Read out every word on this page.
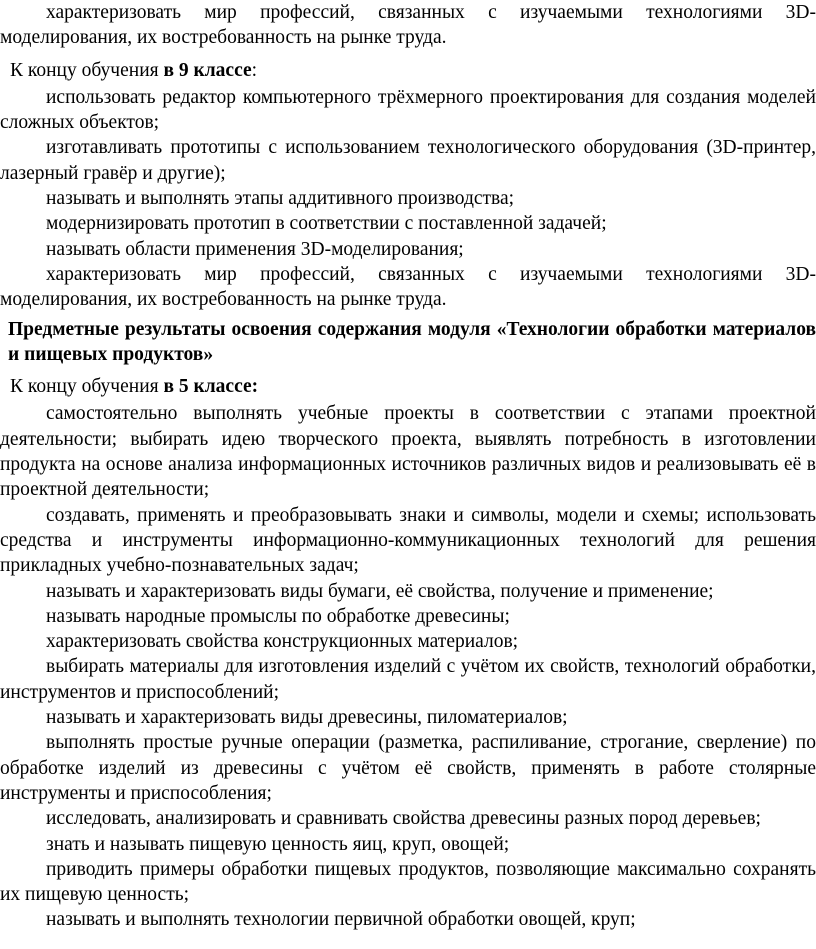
характеризовать мир профессий, связанных с изучаемыми технологиями 3D-моделирования, их востребованность на рынке труда.

К концу обучения в 9 классе:

использовать редактор компьютерного трёхмерного проектирования для создания моделей сложных объектов;

изготавливать прототипы с использованием технологического оборудования (3D-принтер, лазерный гравёр и другие);

называть и выполнять этапы аддитивного производства;

модернизировать прототип в соответствии с поставленной задачей;

называть области применения 3D-моделирования;

характеризовать мир профессий, связанных с изучаемыми технологиями 3D-моделирования, их востребованность на рынке труда.

Предметные результаты освоения содержания модуля «Технологии обработки материалов и пищевых продуктов»

К концу обучения в 5 классе:

самостоятельно выполнять учебные проекты в соответствии с этапами проектной деятельности; выбирать идею творческого проекта, выявлять потребность в изготовлении продукта на основе анализа информационных источников различных видов и реализовывать её в проектной деятельности;

создавать, применять и преобразовывать знаки и символы, модели и схемы; использовать средства и инструменты информационно-коммуникационных технологий для решения прикладных учебно-познавательных задач;

называть и характеризовать виды бумаги, её свойства, получение и применение;

называть народные промыслы по обработке древесины;

характеризовать свойства конструкционных материалов;

выбирать материалы для изготовления изделий с учётом их свойств, технологий обработки, инструментов и приспособлений;

называть и характеризовать виды древесины, пиломатериалов;

выполнять простые ручные операции (разметка, распиливание, строгание, сверление) по обработке изделий из древесины с учётом её свойств, применять в работе столярные инструменты и приспособления;

исследовать, анализировать и сравнивать свойства древесины разных пород деревьев;

знать и называть пищевую ценность яиц, круп, овощей;

приводить примеры обработки пищевых продуктов, позволяющие максимально сохранять их пищевую ценность;

называть и выполнять технологии первичной обработки овощей, круп;
